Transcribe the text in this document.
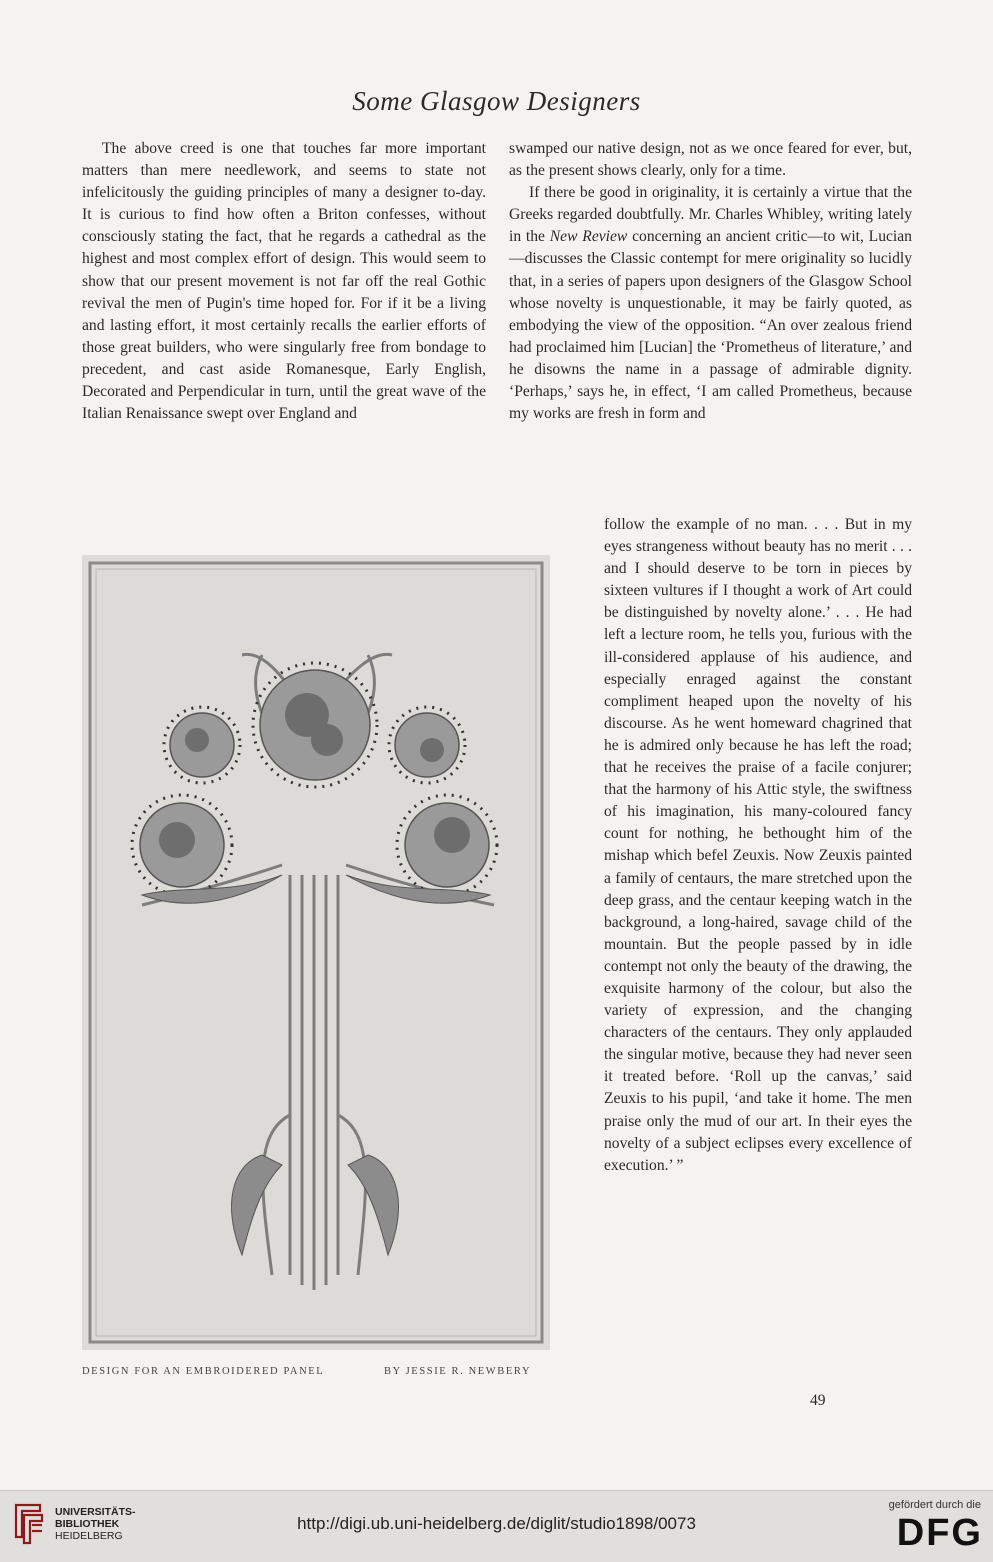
Some Glasgow Designers

The above creed is one that touches far more important matters than mere needlework, and seems to state not infelicitously the guiding principles of many a designer to-day. It is curious to find how often a Briton confesses, without consciously stating the fact, that he regards a cathedral as the highest and most complex effort of design. This would seem to show that our present movement is not far off the real Gothic revival the men of Pugin's time hoped for. For if it be a living and lasting effort, it most certainly recalls the earlier efforts of those great builders, who were singularly free from bondage to precedent, and cast aside Romanesque, Early English, Decorated and Perpendicular in turn, until the great wave of the Italian Renaissance swept over England and

swamped our native design, not as we once feared for ever, but, as the present shows clearly, only for a time.

If there be good in originality, it is certainly a virtue that the Greeks regarded doubtfully. Mr. Charles Whibley, writing lately in the New Review concerning an ancient critic—to wit, Lucian—discusses the Classic contempt for mere originality so lucidly that, in a series of papers upon designers of the Glasgow School whose novelty is unquestionable, it may be fairly quoted, as embodying the view of the opposition. “An over zealous friend had proclaimed him [Lucian] the ‘Prometheus of literature,’ and he disowns the name in a passage of admirable dignity. ‘Perhaps,’ says he, in effect, ‘I am called Prometheus, because my works are fresh in form and

follow the example of no man. . . . But in my eyes strangeness without beauty has no merit . . . and I should deserve to be torn in pieces by sixteen vultures if I thought a work of Art could be distinguished by novelty alone.’ . . . He had left a lecture room, he tells you, furious with the ill-considered applause of his audience, and especially enraged against the constant compliment heaped upon the novelty of his discourse. As he went homeward chagrined that he is admired only because he has left the road; that he receives the praise of a facile conjurer; that the harmony of his Attic style, the swiftness of his imagination, his many-coloured fancy count for nothing, he bethought him of the mishap which befel Zeuxis. Now Zeuxis painted a family of centaurs, the mare stretched upon the deep grass, and the centaur keeping watch in the background, a long-haired, savage child of the mountain. But the people passed by in idle contempt not only the beauty of the drawing, the exquisite harmony of the colour, but also the variety of expression, and the changing characters of the centaurs. They only applauded the singular motive, because they had never seen it treated before. ‘Roll up the canvas,’ said Zeuxis to his pupil, ‘and take it home. The men praise only the mud of our art. In their eyes the novelty of a subject eclipses every excellence of execution.’ ”

DESIGN FOR AN EMBROIDERED PANEL	BY JESSIE R. NEWBERY
49
UNIVERSITÄTS-
BIBLIOTHEK
HEIDELBERG
http://digi.ub.uni-heidelberg.de/diglit/studio1898/0073
gefördert durch die
DFG
